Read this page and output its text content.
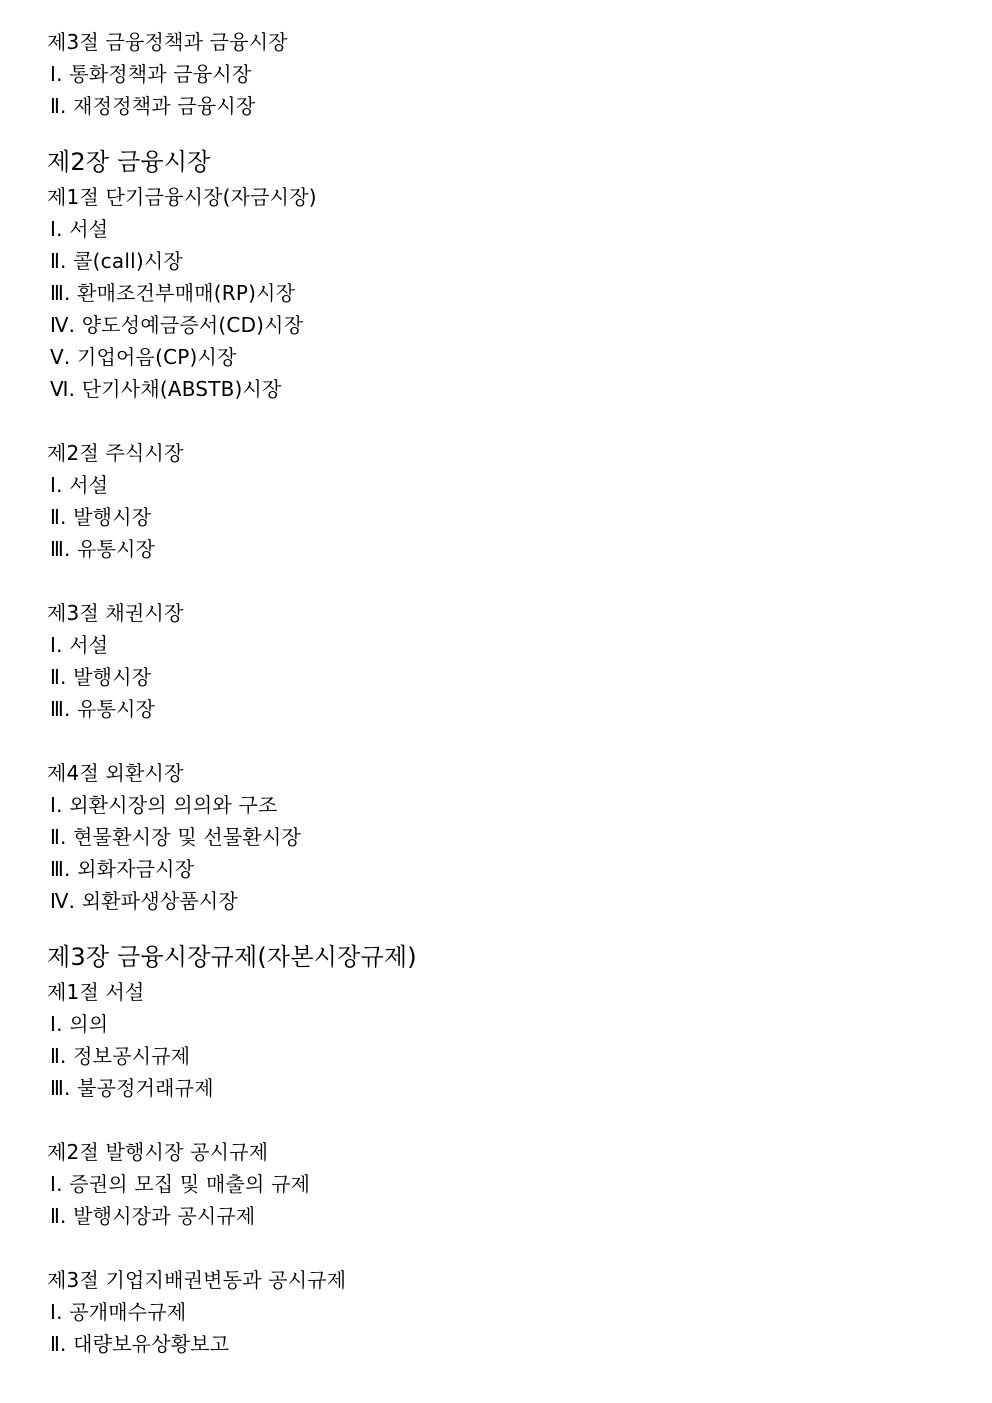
제3절 금융정책과 금융시장
Ⅰ. 통화정책과 금융시장
Ⅱ. 재정정책과 금융시장
제2장 금융시장
제1절 단기금융시장(자금시장)
Ⅰ. 서설
Ⅱ. 콜(call)시장
Ⅲ. 환매조건부매매(RP)시장
Ⅳ. 양도성예금증서(CD)시장
Ⅴ. 기업어음(CP)시장
Ⅵ. 단기사채(ABSTB)시장
제2절 주식시장
Ⅰ. 서설
Ⅱ. 발행시장
Ⅲ. 유통시장
제3절 채권시장
Ⅰ. 서설
Ⅱ. 발행시장
Ⅲ. 유통시장
제4절 외환시장
Ⅰ. 외환시장의 의의와 구조
Ⅱ. 현물환시장 및 선물환시장
Ⅲ. 외화자금시장
Ⅳ. 외환파생상품시장
제3장 금융시장규제(자본시장규제)
제1절 서설
Ⅰ. 의의
Ⅱ. 정보공시규제
Ⅲ. 불공정거래규제
제2절 발행시장 공시규제
Ⅰ. 증권의 모집 및 매출의 규제
Ⅱ. 발행시장과 공시규제
제3절 기업지배권변동과 공시규제
Ⅰ. 공개매수규제
Ⅱ. 대량보유상황보고
